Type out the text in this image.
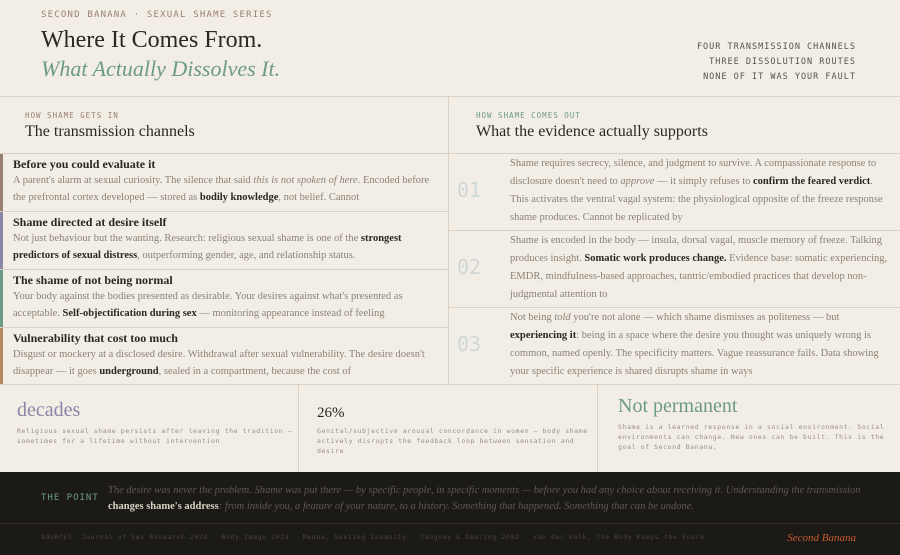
SECOND BANANA · SEXUAL SHAME SERIES
Where It Comes From.
What Actually Dissolves It.
FOUR TRANSMISSION CHANNELS
THREE DISSOLUTION ROUTES
NONE OF IT WAS YOUR FAULT
HOW SHAME GETS IN
The transmission channels
Before you could evaluate it

A parent's alarm at sexual curiosity. The silence that said this is not spoken of here. Encoded before the prefrontal cortex developed — stored as bodily knowledge, not belief. Cannot

Shame directed at desire itself

Not just behaviour but the wanting. Research: religious sexual shame is one of the strongest predictors of sexual distress, outperforming gender, age, and relationship status.

The shame of not being normal

Your body against the bodies presented as desirable. Your desires against what's presented as acceptable. Self-objectification during sex — monitoring appearance instead of feeling

Vulnerability that cost too much

Disgust or mockery at a disclosed desire. Withdrawal after sexual vulnerability. The desire doesn't disappear — it goes underground, sealed in a compartment, because the cost of

HOW SHAME COMES OUT
What the evidence actually supports
01

Shame requires secrecy, silence, and judgment to survive. A compassionate response to disclosure doesn't need to approve — it simply refuses to confirm the feared verdict. This activates the ventral vagal system: the physiological opposite of the freeze response shame produces. Cannot be replicated by

02

Shame is encoded in the body — insula, dorsal vagal, muscle memory of freeze. Talking produces insight. Somatic work produces change. Evidence base: somatic experiencing, EMDR, mindfulness-based approaches, tantric/embodied practices that develop non-judgmental attention to

03

Not being told you're not alone — which shame dismisses as politeness — but experiencing it: being in a space where the desire you thought was uniquely wrong is common, named openly. The specificity matters. Vague reassurance fails. Data showing your specific experience is shared disrupts shame in ways

decades
Religious sexual shame persists after leaving the tradition — sometimes for a lifetime without intervention
26%
Genital/subjective arousal concordance in women — body shame actively disrupts the feedback loop between sensation and desire
Not permanent
Shame is a learned response in a social environment. Social environments can change. New ones can be built. This is the goal of Second Banana.
THE POINT
The desire was never the problem. Shame was put there — by specific people, in specific moments — before you had any choice about receiving it. Understanding the transmission changes shame's address: from inside you, a feature of your nature, to a history. Something that happened. Something that can be undone.
SOURCES: Journal of Sex Research 2024 · Body Image 2023 · Meana, Sexting Insanity · Tangney & Dearing 2002 · van der Kolk, The Body Keeps the Score	Second Banana
